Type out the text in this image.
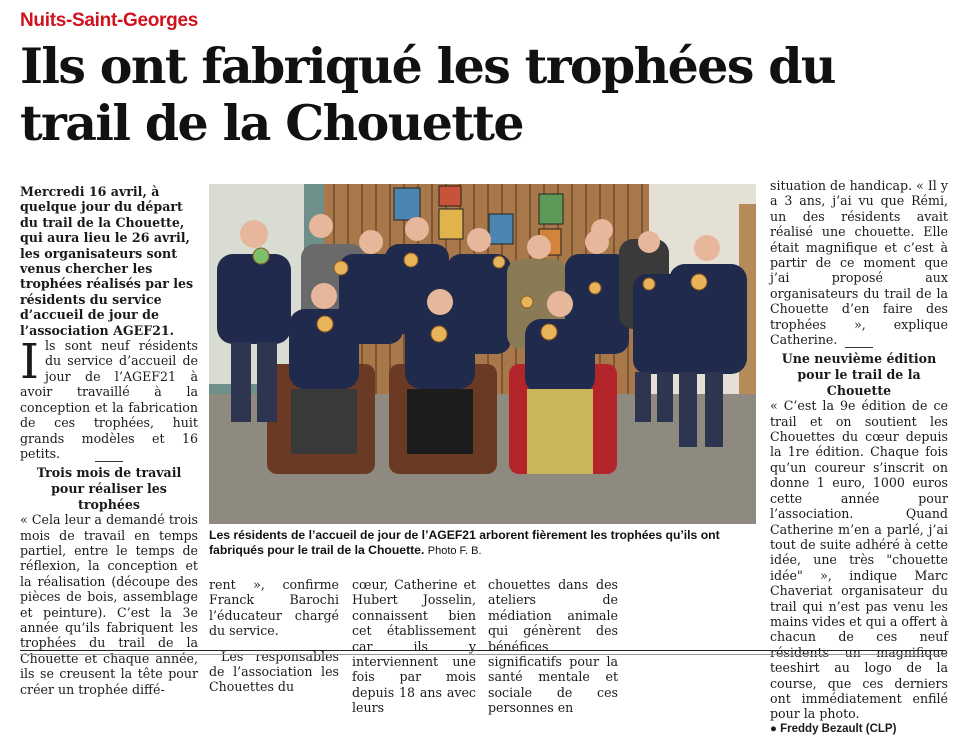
Nuits-Saint-Georges
Ils ont fabriqué les trophées du trail de la Chouette

Mercredi 16 avril, à quelque jour du départ du trail de la Chouette, qui aura lieu le 26 avril, les organisateurs sont venus chercher les trophées réalisés par les résidents du service d’accueil de jour de l’association AGEF21.

Ils sont neuf résidents du service d’accueil de jour de l’AGEF21 à avoir travaillé à la conception et la fabrication de ces trophées, huit grands modèles et 16 petits.

Trois mois de travail pour réaliser les trophées

« Cela leur a demandé trois mois de travail en temps partiel, entre le temps de réflexion, la conception et la réalisation (découpe des pièces de bois, assemblage et peinture). C’est la 3e année qu’ils fabriquent les trophées du trail de la Chouette et chaque année, ils se creusent la tête pour créer un trophée diffé-

Les résidents de l’accueil de jour de l’AGEF21 arborent fièrement les trophées qu’ils ont fabriqués pour le trail de la Chouette. Photo F. B.

rent », confirme Franck Barochi l’éducateur chargé du service.

Les responsables de l’association les Chouettes du

cœur, Catherine et Hubert Josselin, connaissent bien cet établissement car ils y interviennent une fois par mois depuis 18 ans avec leurs

chouettes dans des ateliers de médiation animale qui génèrent des bénéfices significatifs pour la santé mentale et sociale de ces personnes en

situation de handicap. « Il y a 3 ans, j’ai vu que Rémi, un des résidents avait réalisé une chouette. Elle était magnifique et c’est à partir de ce moment que j’ai proposé aux organisateurs du trail de la Chouette d’en faire des trophées », explique Catherine.

Une neuvième édition pour le trail de la Chouette

« C’est la 9e édition de ce trail et on soutient les Chouettes du cœur depuis la 1re édition. Chaque fois qu’un coureur s’inscrit on donne 1 euro, 1000 euros cette année pour l’association. Quand Catherine m’en a parlé, j’ai tout de suite adhéré à cette idée, une très "chouette idée" », indique Marc Chaveriat organisateur du trail qui n’est pas venu les mains vides et qui a offert à chacun de ces neuf résidents un magnifique teeshirt au logo de la course, que ces derniers ont immédiatement enfilé pour la photo.

● Freddy Bezault (CLP)
